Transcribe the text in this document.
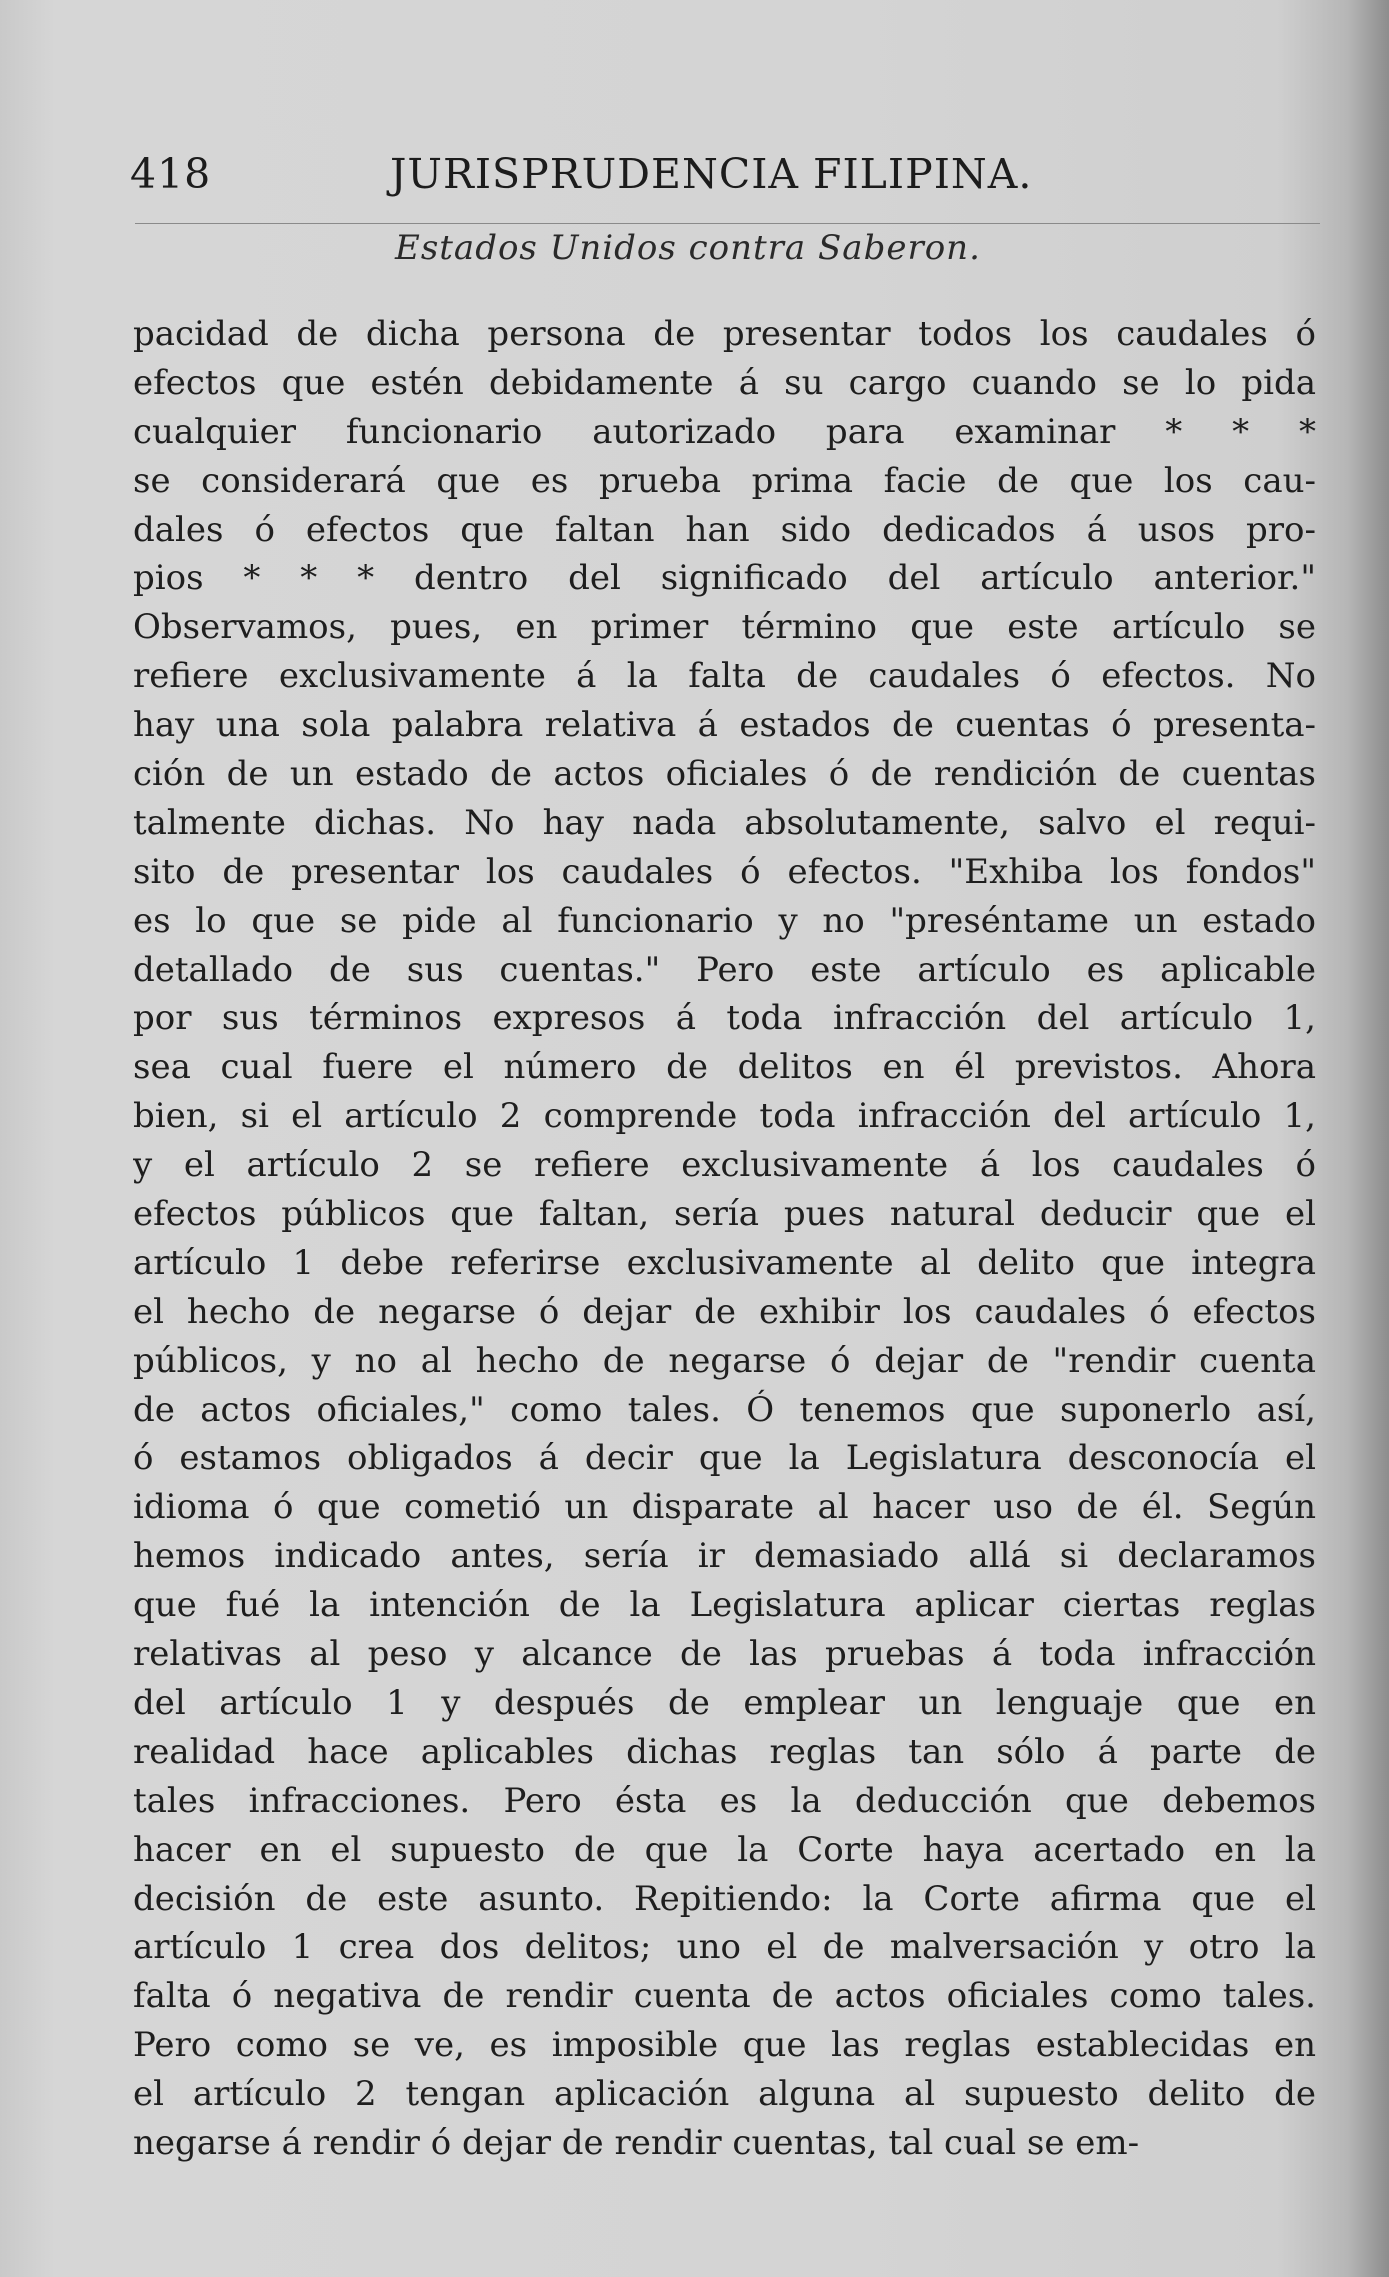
418	JURISPRUDENCIA FILIPINA.
Estados Unidos contra Saberon.
pacidad de dicha persona de presentar todos los caudales ó
efectos que estén debidamente á su cargo cuando se lo pida
cualquier funcionario autorizado para examinar * * *
se considerará que es prueba prima facie de que los cau-
dales ó efectos que faltan han sido dedicados á usos pro-
pios * * * dentro del significado del artículo anterior."
Observamos, pues, en primer término que este artículo se
refiere exclusivamente á la falta de caudales ó efectos. No
hay una sola palabra relativa á estados de cuentas ó presenta-
ción de un estado de actos oficiales ó de rendición de cuentas
talmente dichas. No hay nada absolutamente, salvo el requi-
sito de presentar los caudales ó efectos. "Exhiba los fondos"
es lo que se pide al funcionario y no "preséntame un estado
detallado de sus cuentas." Pero este artículo es aplicable
por sus términos expresos á toda infracción del artículo 1,
sea cual fuere el número de delitos en él previstos. Ahora
bien, si el artículo 2 comprende toda infracción del artículo 1,
y el artículo 2 se refiere exclusivamente á los caudales ó
efectos públicos que faltan, sería pues natural deducir que el
artículo 1 debe referirse exclusivamente al delito que integra
el hecho de negarse ó dejar de exhibir los caudales ó efectos
públicos, y no al hecho de negarse ó dejar de "rendir cuenta
de actos oficiales," como tales. Ó tenemos que suponerlo así,
ó estamos obligados á decir que la Legislatura desconocía el
idioma ó que cometió un disparate al hacer uso de él. Según
hemos indicado antes, sería ir demasiado allá si declaramos
que fué la intención de la Legislatura aplicar ciertas reglas
relativas al peso y alcance de las pruebas á toda infracción
del artículo 1 y después de emplear un lenguaje que en
realidad hace aplicables dichas reglas tan sólo á parte de
tales infracciones. Pero ésta es la deducción que debemos
hacer en el supuesto de que la Corte haya acertado en la
decisión de este asunto. Repitiendo: la Corte afirma que el
artículo 1 crea dos delitos; uno el de malversación y otro la
falta ó negativa de rendir cuenta de actos oficiales como tales.
Pero como se ve, es imposible que las reglas establecidas en
el artículo 2 tengan aplicación alguna al supuesto delito de
negarse á rendir ó dejar de rendir cuentas, tal cual se em-
